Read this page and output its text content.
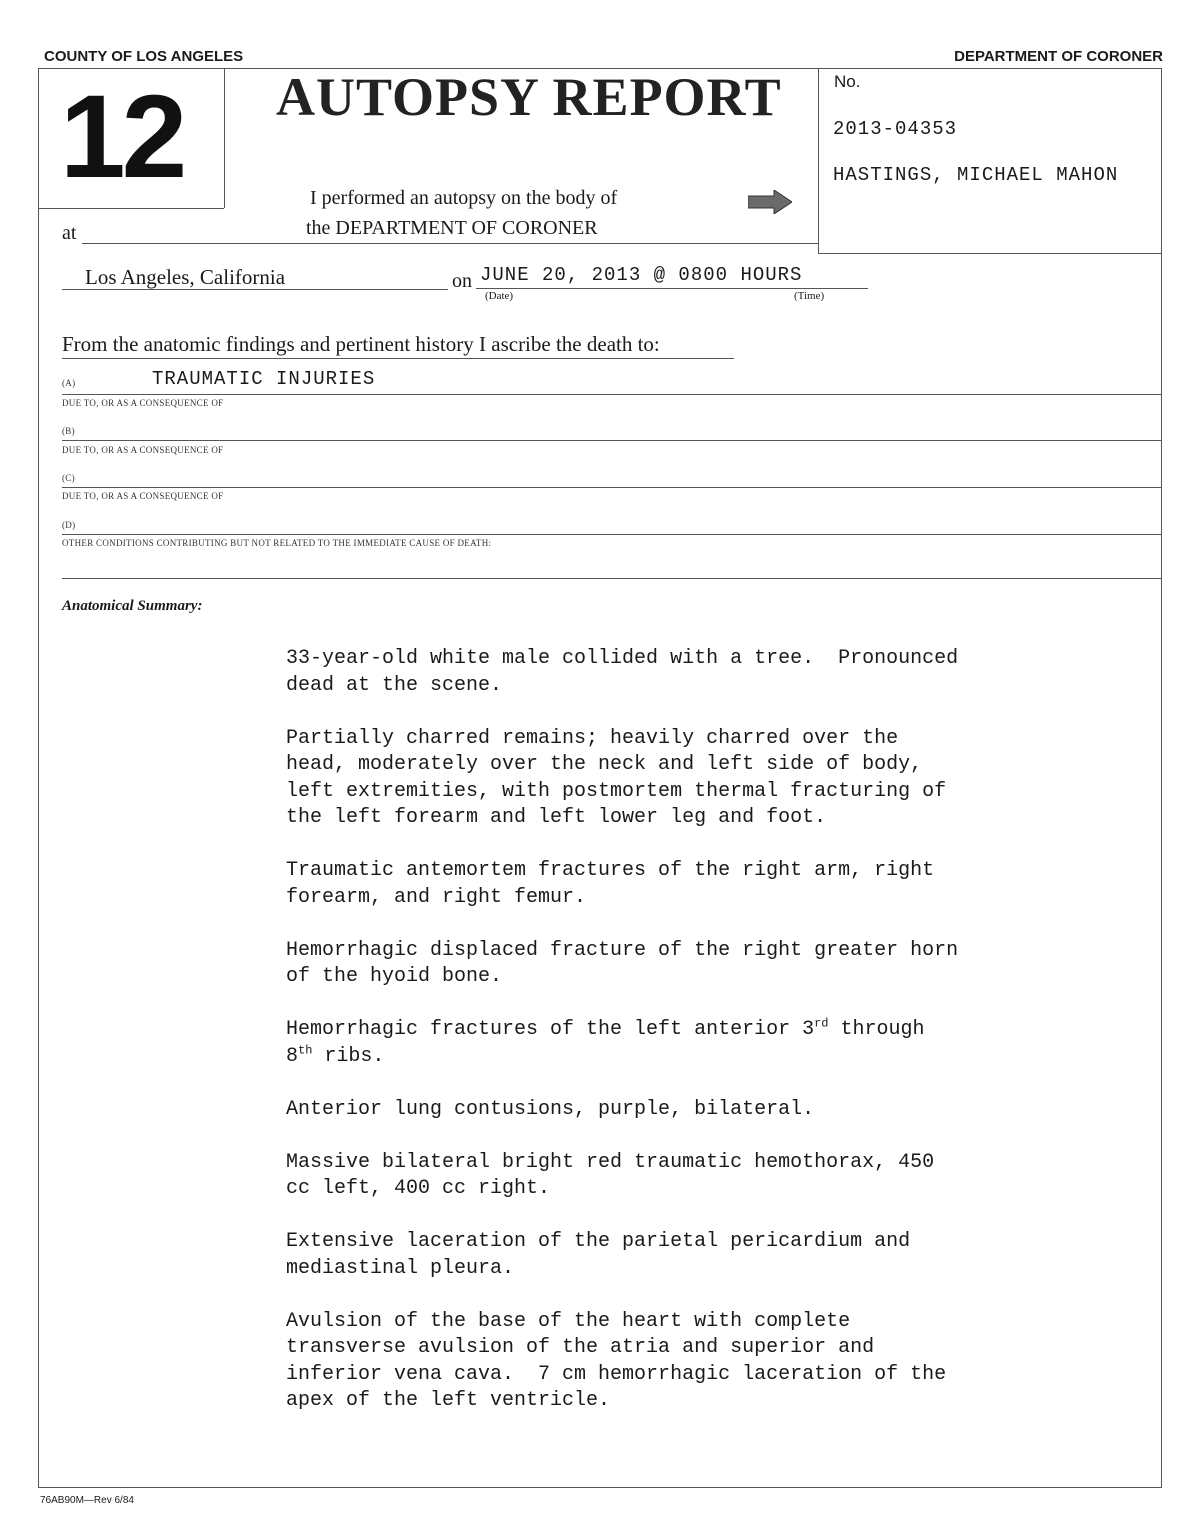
COUNTY OF LOS ANGELES	DEPARTMENT OF CORONER
12 AUTOPSY REPORT	No.
2013-04353
HASTINGS, MICHAEL MAHON
I performed an autopsy on the body of
the DEPARTMENT OF CORONER
at
Los Angeles, California	on JUNE 20, 2013 @ 0800 HOURS
(Date)	(Time)
From the anatomic findings and pertinent history I ascribe the death to:
(A)	TRAUMATIC INJURIES
DUE TO, OR AS A CONSEQUENCE OF
(B)
DUE TO, OR AS A CONSEQUENCE OF
(C)
DUE TO, OR AS A CONSEQUENCE OF
(D)
OTHER CONDITIONS CONTRIBUTING BUT NOT RELATED TO THE IMMEDIATE CAUSE OF DEATH:
Anatomical Summary:

33-year-old white male collided with a tree.  Pronounced
dead at the scene.

Partially charred remains; heavily charred over the
head, moderately over the neck and left side of body,
left extremities, with postmortem thermal fracturing of
the left forearm and left lower leg and foot.

Traumatic antemortem fractures of the right arm, right
forearm, and right femur.

Hemorrhagic displaced fracture of the right greater horn
of the hyoid bone.

Hemorrhagic fractures of the left anterior 3rd through
8th ribs.

Anterior lung contusions, purple, bilateral.

Massive bilateral bright red traumatic hemothorax, 450
cc left, 400 cc right.

Extensive laceration of the parietal pericardium and
mediastinal pleura.

Avulsion of the base of the heart with complete
transverse avulsion of the atria and superior and
inferior vena cava.  7 cm hemorrhagic laceration of the
apex of the left ventricle.

76AB90M—Rev 6/84
